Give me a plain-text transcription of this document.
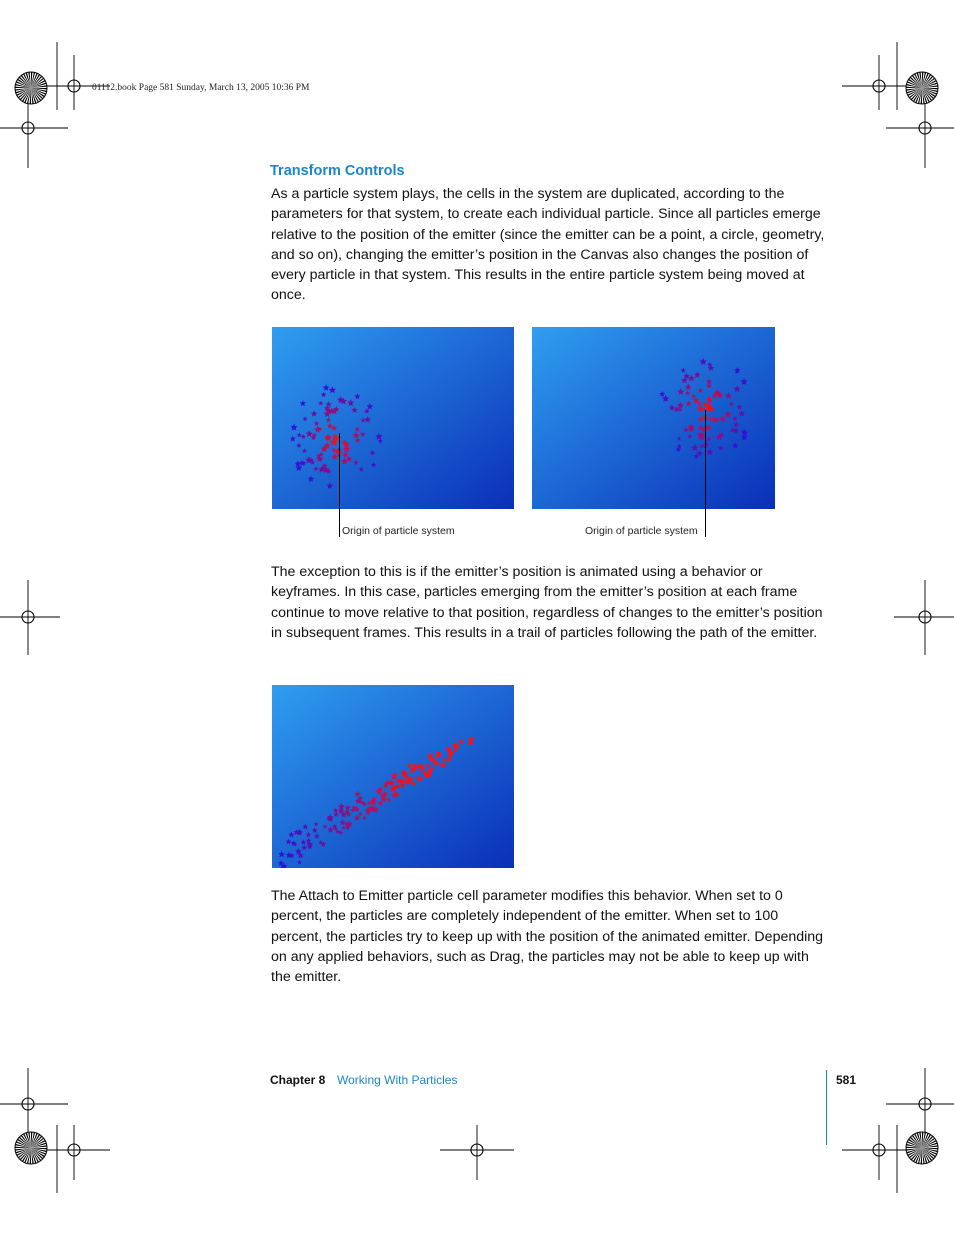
01112.book Page 581 Sunday, March 13, 2005 10:36 PM
Transform Controls

As a particle system plays, the cells in the system are duplicated, according to the parameters for that system, to create each individual particle. Since all particles emerge relative to the position of the emitter (since the emitter can be a point, a circle, geometry, and so on), changing the emitter’s position in the Canvas also changes the position of every particle in that system. This results in the entire particle system being moved at once.

Origin of particle system	Origin of particle system

The exception to this is if the emitter’s position is animated using a behavior or keyframes. In this case, particles emerging from the emitter’s position at each frame continue to move relative to that position, regardless of changes to the emitter’s position in subsequent frames. This results in a trail of particles following the path of the emitter.

The Attach to Emitter particle cell parameter modifies this behavior. When set to 0 percent, the particles are completely independent of the emitter. When set to 100 percent, the particles try to keep up with the position of the animated emitter. Depending on any applied behaviors, such as Drag, the particles may not be able to keep up with the emitter.

Chapter 8 Working With Particles	581
